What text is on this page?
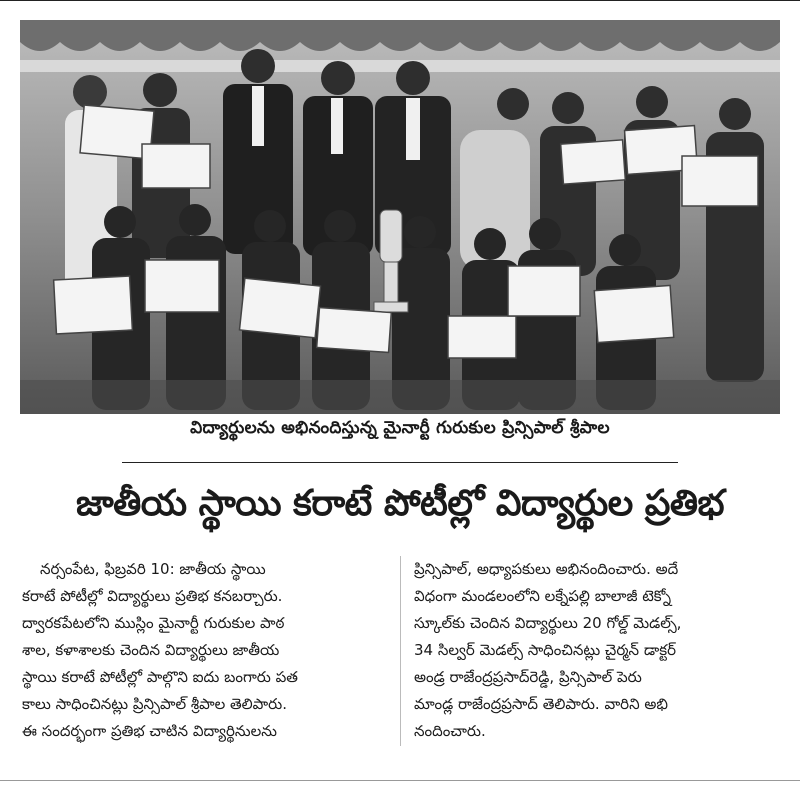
విద్యార్థులను అభినందిస్తున్న మైనార్టీ గురుకుల ప్రిన్సిపాల్ శ్రీపాల
జాతీయ స్థాయి కరాటే పోటీల్లో విద్యార్థుల ప్రతిభ
నర్సంపేట, ఫిబ్రవరి 10: జాతీయ స్థాయి
కరాటే పోటీల్లో విద్యార్థులు ప్రతిభ కనబర్చారు.
ద్వారకపేటలోని ముస్లిం మైనార్టీ గురుకుల పాఠ
శాల, కళాశాలకు చెందిన విద్యార్థులు జాతీయ
స్థాయి కరాటే పోటీల్లో పాల్గొని ఐదు బంగారు పత
కాలు సాధించినట్లు ప్రిన్సిపాల్ శ్రీపాల తెలిపారు.
ఈ సందర్భంగా ప్రతిభ చాటిన విద్యార్థినులను
ప్రిన్సిపాల్, అధ్యాపకులు అభినందించారు. అదే
విధంగా మండలంలోని లక్నేపల్లి బాలాజీ టెక్నో
స్కూల్‌కు చెందిన విద్యార్థులు 20 గోల్డ్ మెడల్స్,
34 సిల్వర్ మెడల్స్ సాధించినట్లు చైర్మన్ డాక్టర్
అండ్ర రాజేంద్రప్రసాద్‌రెడ్డి, ప్రిన్సిపాల్ పెరు
మాండ్ల రాజేంద్రప్రసాద్ తెలిపారు. వారిని అభి
నందించారు.
